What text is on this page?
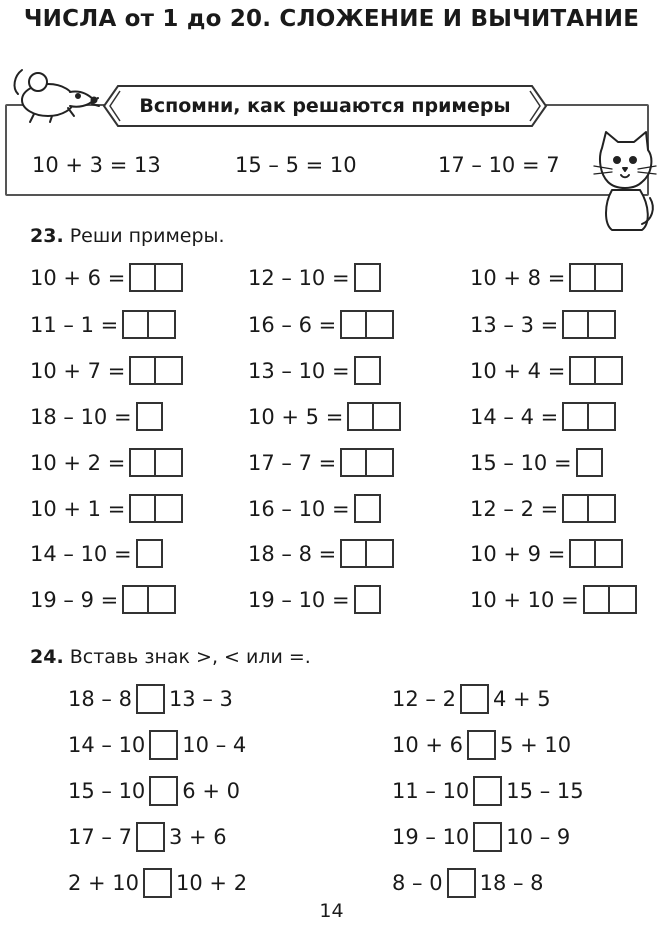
ЧИСЛА от 1 до 20. СЛОЖЕНИЕ И ВЫЧИТАНИЕ
Вспомни, как решаются примеры
10 + 3 = 13	15 – 5 = 10	17 – 10 = 7
23. Реши примеры.
10 + 6 =
11 – 1 =
10 + 7 =
18 – 10 =
10 + 2 =
10 + 1 =
14 – 10 =
19 – 9 =
12 – 10 =
16 – 6 =
13 – 10 =
10 + 5 =
17 – 7 =
16 – 10 =
18 – 8 =
19 – 10 =
10 + 8 =
13 – 3 =
10 + 4 =
14 – 4 =
15 – 10 =
12 – 2 =
10 + 9 =
10 + 10 =
24. Вставь знак >, < или =.
18 – 8 13 – 3
14 – 10 10 – 4
15 – 10 6 + 0
17 – 7 3 + 6
2 + 10 10 + 2
12 – 2 4 + 5
10 + 6 5 + 10
11 – 10 15 – 15
19 – 10 10 – 9
8 – 0 18 – 8
14
